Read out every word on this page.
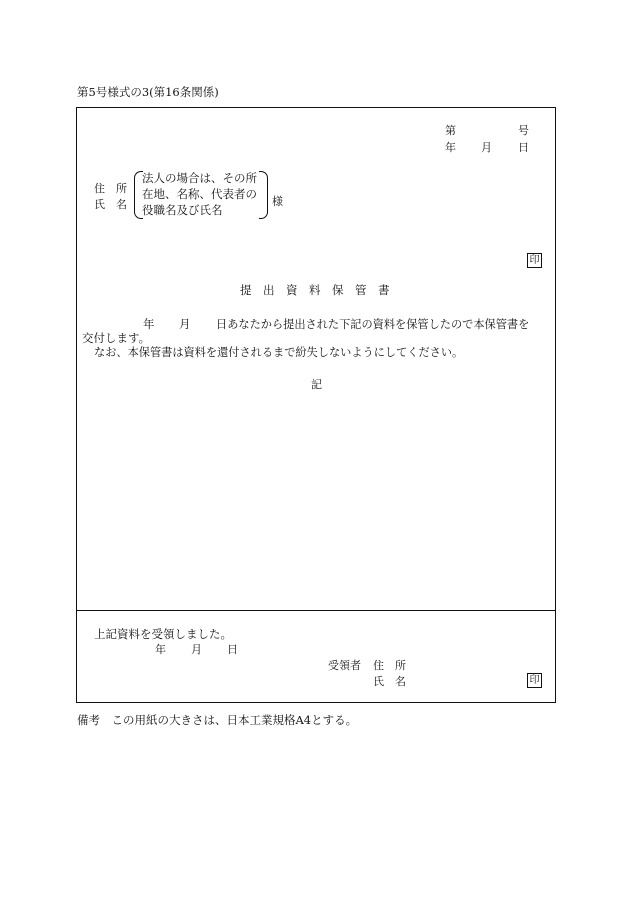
第5号様式の3(第16条関係)
第	号
年 月 日
住　所
氏　名
法人の場合は、その所
在地、名称、代表者の
役職名及び氏名
様
印
提　出　資　料　保　管　書
年 月 日あなたから提出された下記の資料を保管したので本保管書を
交付します。
なお、本保管書は資料を還付されるまで紛失しないようにしてください。
記
上記資料を受領しました。
年 月 日
受領者 住　所
氏　名	印
備考　この用紙の大きさは、日本工業規格A4とする。
